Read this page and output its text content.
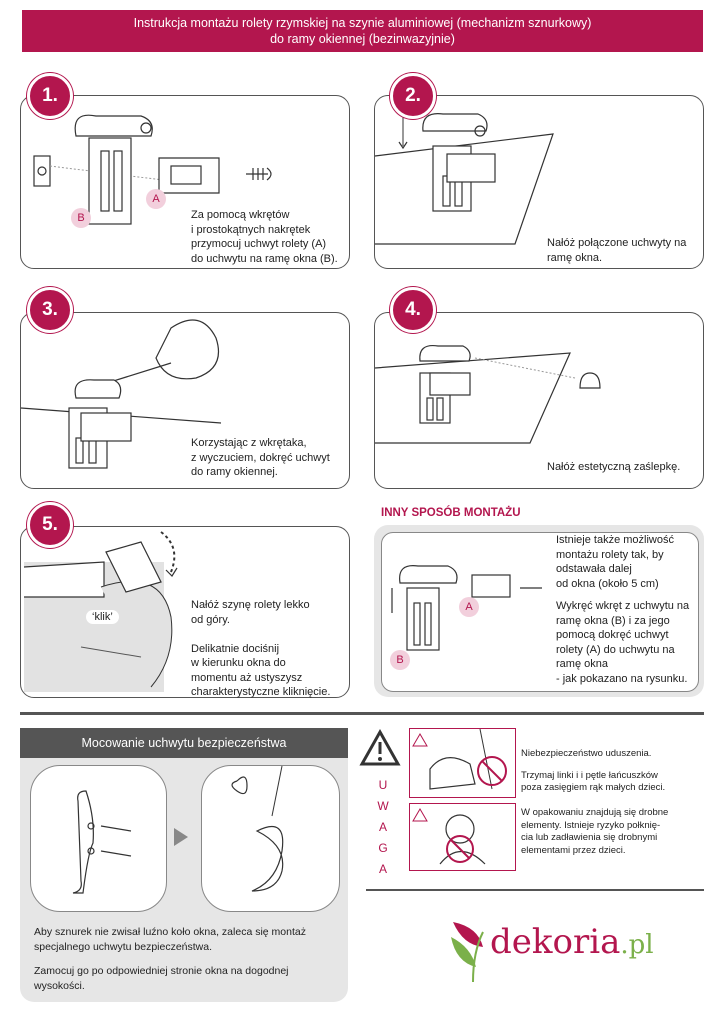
Instrukcja montażu rolety rzymskiej na szynie aluminiowej (mechanizm sznurkowy)
do ramy okiennej (bezinwazyjnie)
B
A
Za pomocą wkrętów
i prostokątnych nakrętek
przymocuj uchwyt rolety (A)
do uchwytu na ramę okna (B).
1.
Nałóż połączone uchwyty na
ramę okna.
2.
Korzystając z wkrętaka,
z wyczuciem, dokręć uchwyt
do ramy okiennej.
3.
Nałóż estetyczną zaślepkę.
4.
‘klik’
Nałóż szynę rolety lekko
od góry.
Delikatnie dociśnij
w kierunku okna do
momentu aż ustyszysz
charakterystyczne kliknięcie.
5.
INNY SPOSÓB MONTAŻU
B
A
Istnieje także możliwość
montażu rolety tak, by
odstawała dalej
od okna (około 5 cm)
Wykręć wkręt z uchwytu na
ramę okna (B) i za jego
pomocą dokręć uchwyt
rolety (A) do uchwytu na
ramę okna
- jak pokazano na rysunku.
Mocowanie uchwytu bezpieczeństwa
Aby sznurek nie zwisał luźno koło okna, zaleca się montaż
specjalnego uchwytu bezpieczeństwa.
Zamocuj go po odpowiedniej stronie okna na dogodnej
wysokości.
U
W
A
G
A
Niebezpieczeństwo uduszenia.
Trzymaj linki i i pętle łańcuszków
poza zasięgiem rąk małych dzieci.
W opakowaniu znajdują się drobne
elementy. Istnieje ryzyko połknię-
cia lub zadławienia się drobnymi
elementami przez dzieci.
dekoria.pl
